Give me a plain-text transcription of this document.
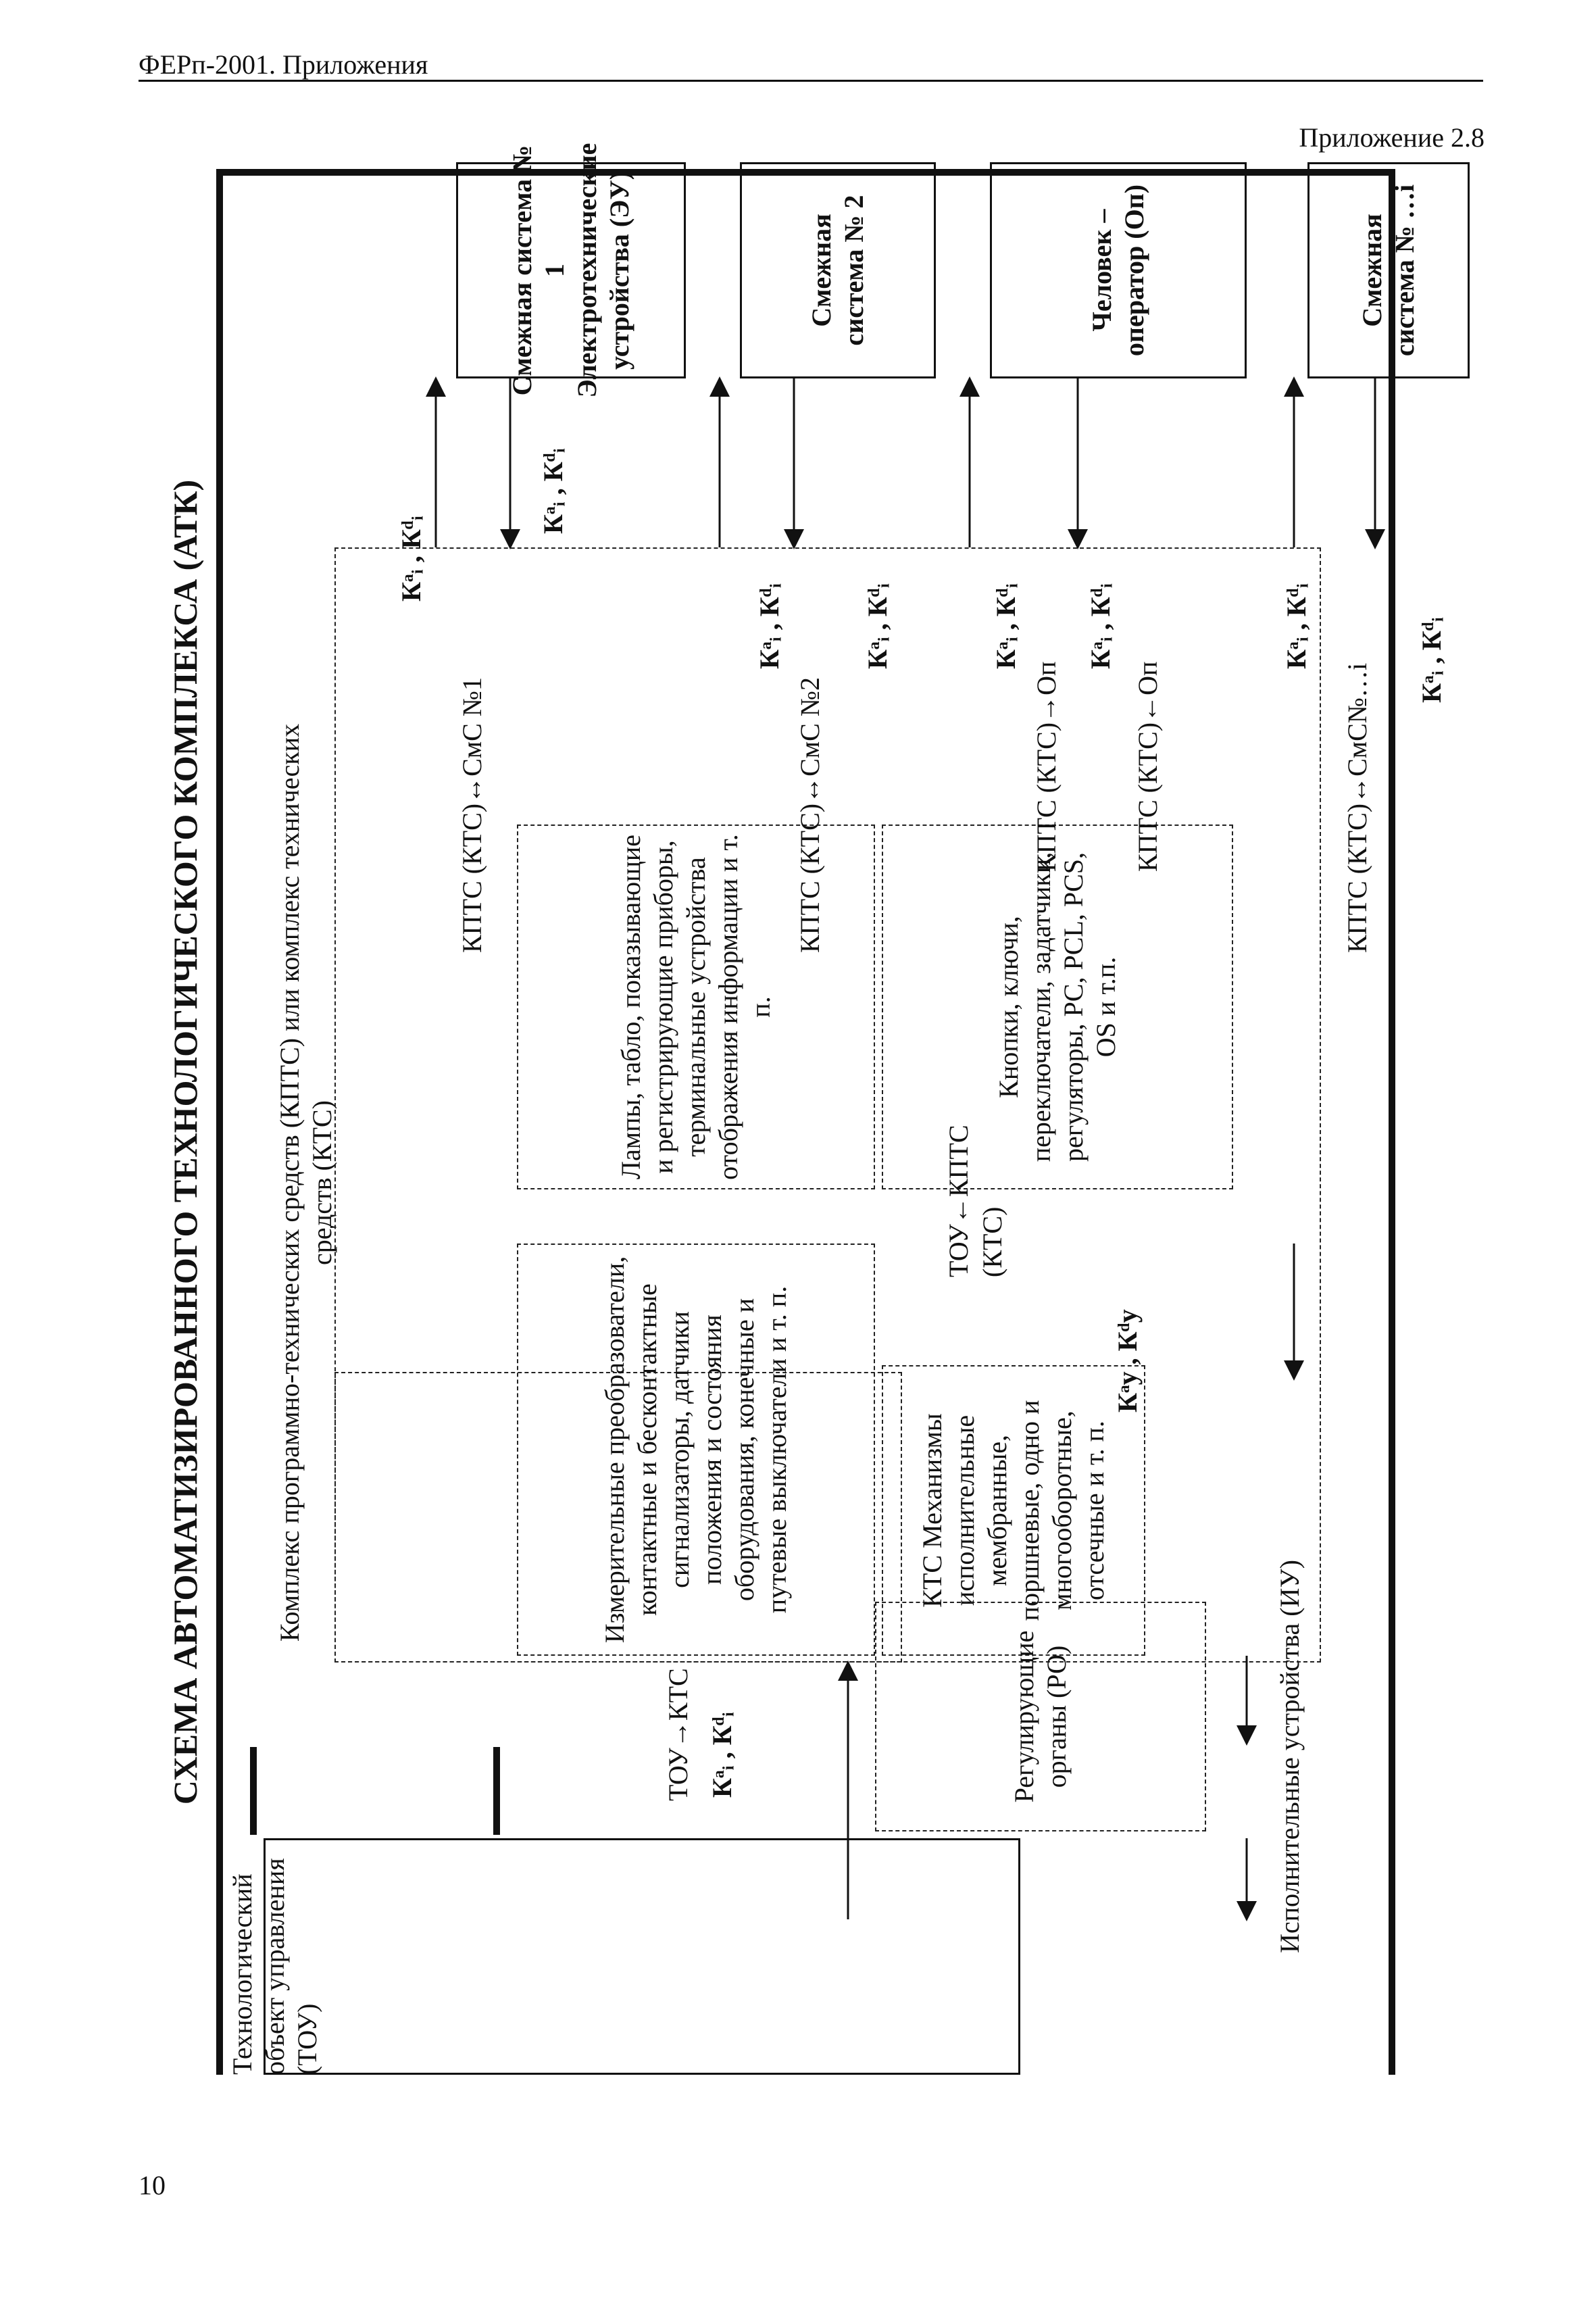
ФЕРп-2001. Приложения
Приложение 2.8
10
СХЕМА АВТОМАТИЗИРОВАННОГО ТЕХНОЛОГИЧЕСКОГО КОМПЛЕКСА (АТК)
Технологический объект управления (ТОУ)
Комплекс программно-технических средств (КПТС) или комплекс технических средств (КТС)
Измерительные преобразователи, контактные и бесконтактные сигнализаторы, датчики положения и состояния оборудования, конечные и путевые выключатели и т. п.
Лампы, табло, показывающие и регистрирующие приборы, терминальные устройства отображения информации и т. п.	Кнопки, ключи, переключатели, задатчики, регуляторы, PC, PCL, PCS, OS и т.п.
КТС Механизмы исполнительные мембранные, поршневые, одно и многооборотные, отсечные и т. п.
Регулирующие органы (РО)	Исполнительные устройства (ИУ)
ТОУ→КТС Кᵃᵢ , Кᵈᵢ
ТОУ←КПТС (КТС)
Кᵃy , Кᵈy
КПТС (КТС)↔СмС №1
Кᵃᵢ , Кᵈᵢ
Кᵃᵢ , Кᵈᵢ
КПТС (КТС)↔СмС №2
Кᵃᵢ , Кᵈᵢ	Кᵃᵢ , Кᵈᵢ
КПТС (КТС)→Оп	КПТС (КТС)←Оп
Кᵃᵢ , Кᵈᵢ Кᵃᵢ , Кᵈᵢ
КПТС (КТС)↔СмС№…i
Кᵃᵢ , Кᵈᵢ	Кᵃᵢ , Кᵈᵢ
Смежная система № 1 Электротехнические устройства (ЭУ)	Смежная система № 2	Человек – оператор (Оп)	Смежная система № …i
